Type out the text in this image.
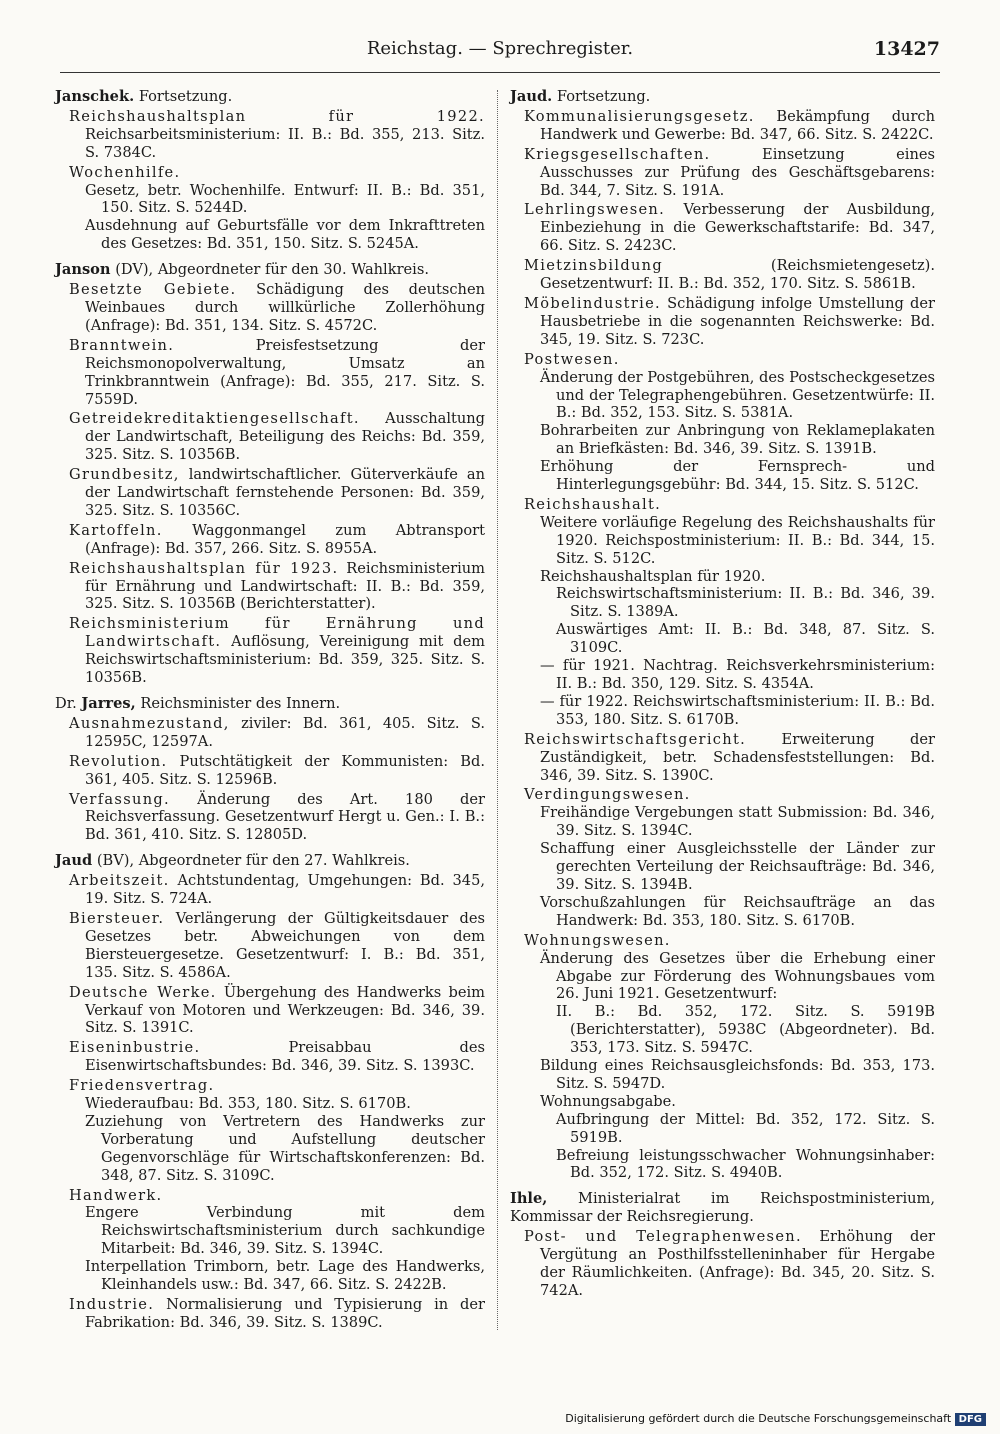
Reichstag. — Sprechregister.	13427
Janschek. Fortsetzung.
Reichshaushaltsplan für 1922. Reichsarbeitsministerium: II. B.: Bd. 355, 213. Sitz. S. 7384C.
Wochenhilfe.
Gesetz, betr. Wochenhilfe. Entwurf: II. B.: Bd. 351, 150. Sitz. S. 5244D.
Ausdehnung auf Geburtsfälle vor dem Inkrafttreten des Gesetzes: Bd. 351, 150. Sitz. S. 5245A.
Janson (DV), Abgeordneter für den 30. Wahlkreis.
Besetzte Gebiete. Schädigung des deutschen Weinbaues durch willkürliche Zollerhöhung (Anfrage): Bd. 351, 134. Sitz. S. 4572C.
Branntwein.	Preisfestsetzung der Reichsmonopolverwaltung, Umsatz an Trinkbranntwein (Anfrage): Bd. 355, 217. Sitz. S. 7559D.
Getreidekreditaktiengesellschaft. Ausschaltung der Landwirtschaft, Beteiligung des Reichs: Bd. 359, 325. Sitz. S. 10356B.
Grundbesitz, landwirtschaftlicher. Güterverkäufe an der Landwirtschaft fernstehende Personen: Bd. 359, 325. Sitz. S. 10356C.
Kartoffeln. Waggonmangel zum Abtransport (Anfrage): Bd. 357, 266. Sitz. S. 8955A.
Reichshaushaltsplan für 1923. Reichsministerium für Ernährung und Landwirtschaft: II. B.: Bd. 359, 325. Sitz. S. 10356B (Berichterstatter).
Reichsministerium für Ernährung und Landwirtschaft. Auflösung, Vereinigung mit dem Reichswirtschaftsministerium: Bd. 359, 325. Sitz. S. 10356B.
Dr. Jarres, Reichsminister des Innern.
Ausnahmezustand, ziviler: Bd. 361, 405. Sitz. S. 12595C, 12597A.
Revolution. Putschtätigkeit der Kommunisten: Bd. 361, 405. Sitz. S. 12596B.
Verfassung. Änderung des Art. 180 der Reichsverfassung. Gesetzentwurf Hergt u. Gen.: I. B.: Bd. 361, 410. Sitz. S. 12805D.
Jaud (BV), Abgeordneter für den 27. Wahlkreis.
Arbeitszeit. Achtstundentag, Umgehungen: Bd. 345, 19. Sitz. S. 724A.
Biersteuer. Verlängerung der Gültigkeitsdauer des Gesetzes betr. Abweichungen von dem Biersteuergesetze. Gesetzentwurf: I. B.: Bd. 351, 135. Sitz. S. 4586A.
Deutsche Werke. Übergehung des Handwerks beim Verkauf von Motoren und Werkzeugen: Bd. 346, 39. Sitz. S. 1391C.
Eiseninbustrie.	Preisabbau des Eisenwirtschaftsbundes: Bd. 346, 39. Sitz. S. 1393C.
Friedensvertrag.
Wiederaufbau: Bd. 353, 180. Sitz. S. 6170B.
Zuziehung von Vertretern des Handwerks zur Vorberatung und Aufstellung deutscher Gegenvorschläge für Wirtschaftskonferenzen: Bd. 348, 87. Sitz. S. 3109C.
Handwerk.
Engere Verbindung mit dem Reichswirtschaftsministerium durch sachkundige Mitarbeit: Bd. 346, 39. Sitz. S. 1394C.
Interpellation Trimborn, betr. Lage des Handwerks, Kleinhandels usw.: Bd. 347, 66. Sitz. S. 2422B.
Industrie. Normalisierung und Typisierung in der Fabrikation: Bd. 346, 39. Sitz. S. 1389C.
Jaud. Fortsetzung.
Kommunalisierungsgesetz. Bekämpfung durch Handwerk und Gewerbe: Bd. 347, 66. Sitz. S. 2422C.
Kriegsgesellschaften.	Einsetzung eines Ausschusses zur Prüfung des Geschäftsgebarens: Bd. 344, 7. Sitz. S. 191A.
Lehrlingswesen. Verbesserung der Ausbildung, Einbeziehung in die Gewerkschaftstarife: Bd. 347, 66. Sitz. S. 2423C.
Mietzinsbildung	(Reichsmietengesetz). Gesetzentwurf: II. B.: Bd. 352, 170. Sitz. S. 5861B.
Möbelindustrie. Schädigung infolge Umstellung der Hausbetriebe in die sogenannten Reichswerke: Bd. 345, 19. Sitz. S. 723C.
Postwesen.
Änderung der Postgebühren, des Postscheckgesetzes und der Telegraphengebühren. Gesetzentwürfe: II. B.: Bd. 352, 153. Sitz. S. 5381A.
Bohrarbeiten zur Anbringung von Reklameplakaten an Briefkästen: Bd. 346, 39. Sitz. S. 1391B.
Erhöhung der Fernsprech- und Hinterlegungsgebühr: Bd. 344, 15. Sitz. S. 512C.
Reichshaushalt.
Weitere vorläufige Regelung des Reichshaushalts für 1920. Reichspostministerium: II. B.: Bd. 344, 15. Sitz. S. 512C.
Reichshaushaltsplan für 1920.
Reichswirtschaftsministerium: II. B.: Bd. 346, 39. Sitz. S. 1389A.
Auswärtiges Amt: II. B.: Bd. 348, 87. Sitz. S. 3109C.
— für 1921. Nachtrag. Reichsverkehrsministerium: II. B.: Bd. 350, 129. Sitz. S. 4354A.
— für 1922. Reichswirtschaftsministerium: II. B.: Bd. 353, 180. Sitz. S. 6170B.
Reichswirtschaftsgericht. Erweiterung der Zuständigkeit, betr. Schadensfeststellungen: Bd. 346, 39. Sitz. S. 1390C.
Verdingungswesen.
Freihändige Vergebungen statt Submission: Bd. 346, 39. Sitz. S. 1394C.
Schaffung einer Ausgleichsstelle der Länder zur gerechten Verteilung der Reichsaufträge: Bd. 346, 39. Sitz. S. 1394B.
Vorschußzahlungen für Reichsaufträge an das Handwerk: Bd. 353, 180. Sitz. S. 6170B.
Wohnungswesen.
Änderung des Gesetzes über die Erhebung einer Abgabe zur Förderung des Wohnungsbaues vom 26. Juni 1921. Gesetzentwurf:
II. B.: Bd. 352, 172. Sitz. S. 5919B (Berichterstatter), 5938C (Abgeordneter). Bd. 353, 173. Sitz. S. 5947C.
Bildung eines Reichsausgleichsfonds: Bd. 353, 173. Sitz. S. 5947D.
Wohnungsabgabe.
Aufbringung der Mittel: Bd. 352, 172. Sitz. S. 5919B.
Befreiung leistungsschwacher Wohnungsinhaber: Bd. 352, 172. Sitz. S. 4940B.
Ihle, Ministerialrat im Reichspostministerium, Kommissar der Reichsregierung.
Post- und Telegraphenwesen. Erhöhung der Vergütung an Posthilfsstelleninhaber für Hergabe der Räumlichkeiten. (Anfrage): Bd. 345, 20. Sitz. S. 742A.
Digitalisierung gefördert durch die Deutsche Forschungsgemeinschaft DFG
